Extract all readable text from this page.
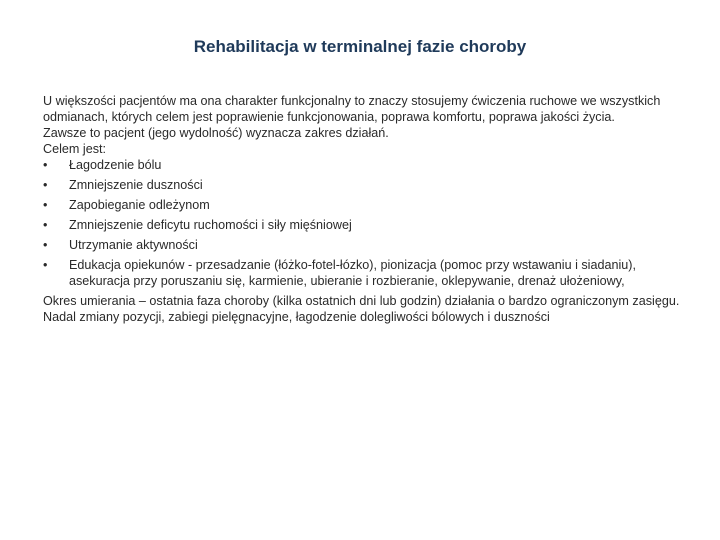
Rehabilitacja w terminalnej fazie choroby

U większości pacjentów ma ona charakter funkcjonalny to znaczy stosujemy ćwiczenia ruchowe we wszystkich odmianach, których celem jest poprawienie funkcjonowania, poprawa komfortu, poprawa jakości życia.

Zawsze to pacjent (jego wydolność) wyznacza zakres działań.

Celem jest:

• Łagodzenie bólu
• Zmniejszenie duszności
• Zapobieganie odleżynom
• Zmniejszenie deficytu ruchomości i siły mięśniowej
• Utrzymanie aktywności
• Edukacja opiekunów - przesadzanie (łóżko-fotel-łózko), pionizacja (pomoc przy wstawaniu i siadaniu), asekuracja przy poruszaniu się, karmienie, ubieranie i rozbieranie, oklepywanie, drenaż ułożeniowy,

Okres umierania – ostatnia faza choroby (kilka ostatnich dni lub godzin) działania o bardzo ograniczonym zasięgu. Nadal zmiany pozycji, zabiegi pielęgnacyjne, łagodzenie dolegliwości bólowych i duszności
